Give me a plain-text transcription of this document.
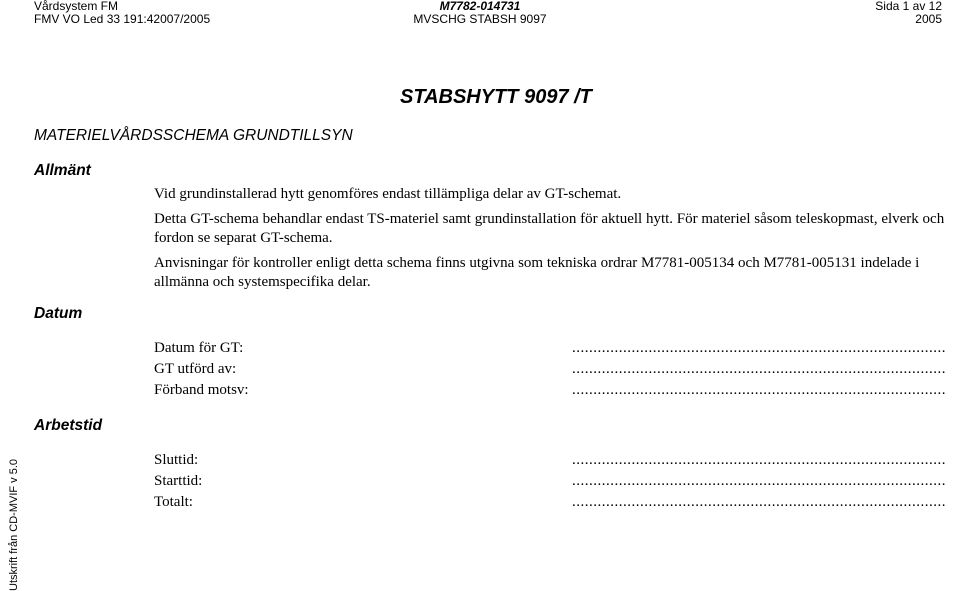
Vårdsystem FM
FMV VO Led 33 191:42007/2005
M7782-014731
MVSCHG STABSH 9097
Sida 1 av 12
2005
STABSHYTT 9097 /T
MATERIELVÅRDSSCHEMA GRUNDTILLSYN
Allmänt
Vid grundinstallerad hytt genomföres endast tillämpliga delar av GT-schemat.
Detta GT-schema behandlar endast TS-materiel samt grundinstallation för aktuell hytt. För materiel såsom teleskopmast, elverk och fordon se separat GT-schema.
Anvisningar för kontroller enligt detta schema finns utgivna som tekniska ordrar M7781-005134 och M7781-005131 indelade i allmänna och systemspecifika delar.
Datum
Datum för GT:	........................................................................................
GT utförd av:	........................................................................................
Förband motsv:	........................................................................................
Arbetstid
Sluttid:	........................................................................................
Starttid:	........................................................................................
Totalt:	........................................................................................
Utskrift från CD-MVIF v 5.0
